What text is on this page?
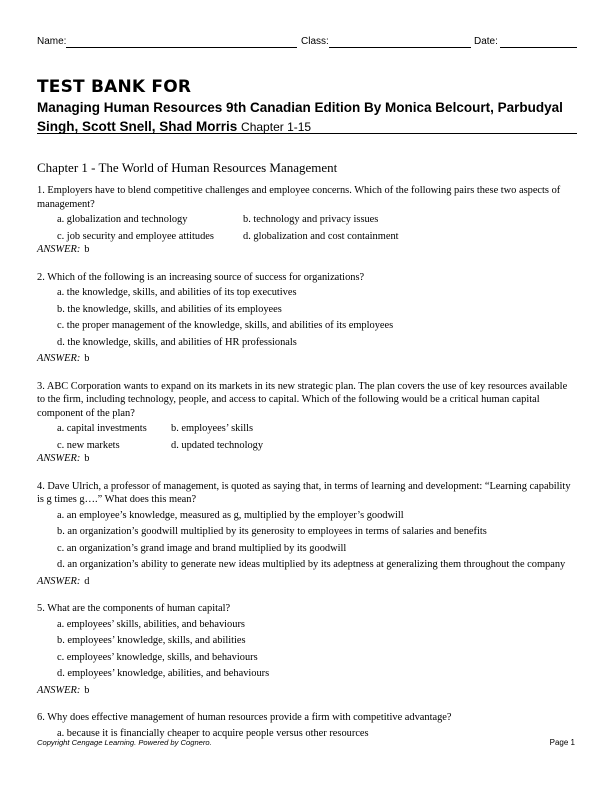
Name:	Class:	Date:
TEST BANK FOR
Managing Human Resources 9th Canadian Edition By Monica Belcourt, Parbudyal Singh, Scott Snell, Shad Morris Chapter 1-15
Chapter 1 - The World of Human Resources Management

1. Employers have to blend competitive challenges and employee concerns. Which of the following pairs these two aspects of management?

a. globalization and technology	b. technology and privacy issues
c. job security and employee attitudes	d. globalization and cost containment
ANSWER: b

2. Which of the following is an increasing source of success for organizations?

a. the knowledge, skills, and abilities of its top executives
b. the knowledge, skills, and abilities of its employees
c. the proper management of the knowledge, skills, and abilities of its employees
d. the knowledge, skills, and abilities of HR professionals
ANSWER: b

3. ABC Corporation wants to expand on its markets in its new strategic plan. The plan covers the use of key resources available to the firm, including technology, people, and access to capital. Which of the following would be a critical human capital component of the plan?

a. capital investments	b. employees’ skills
c. new markets	d. updated technology
ANSWER: b

4. Dave Ulrich, a professor of management, is quoted as saying that, in terms of learning and development: “Learning capability is g times g….” What does this mean?

a. an employee’s knowledge, measured as g, multiplied by the employer’s goodwill
b. an organization’s goodwill multiplied by its generosity to employees in terms of salaries and benefits
c. an organization’s grand image and brand multiplied by its goodwill
d. an organization’s ability to generate new ideas multiplied by its adeptness at generalizing them throughout the company
ANSWER: d

5. What are the components of human capital?

a. employees’ skills, abilities, and behaviours
b. employees’ knowledge, skills, and abilities
c. employees’ knowledge, skills, and behaviours
d. employees’ knowledge, abilities, and behaviours
ANSWER: b

6. Why does effective management of human resources provide a firm with competitive advantage?

a. because it is financially cheaper to acquire people versus other resources
Copyright Cengage Learning. Powered by Cognero.	Page 1
